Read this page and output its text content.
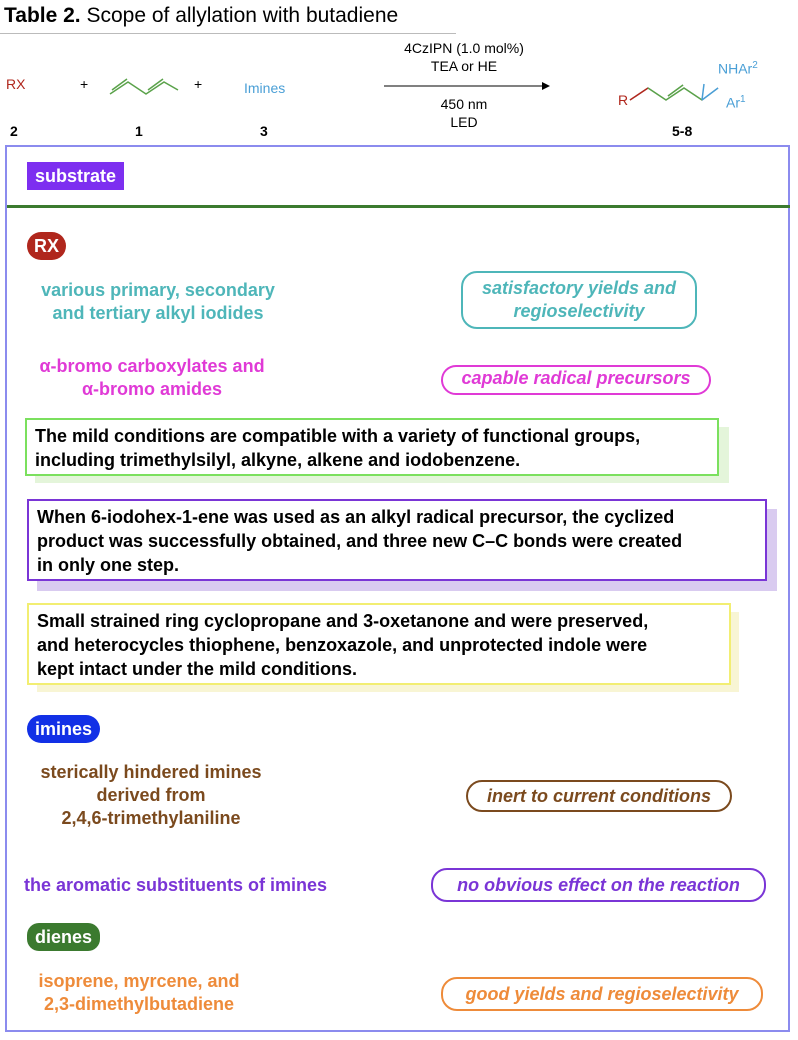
Table 2. Scope of allylation with butadiene
RX
2
+
1
+	Imines
3
4CzIPN (1.0 mol%)
TEA or HE
450 nm
LED
R
NHAr$^2$
Ar$^1$
5-8
substrate
RX
various primary, secondary
and tertiary alkyl iodides
satisfactory yields and
regioselectivity
α-bromo carboxylates and
α-bromo amides
capable radical precursors
The mild conditions are compatible with a variety of functional groups,
including trimethylsilyl, alkyne, alkene and iodobenzene.
When 6-iodohex-1-ene was used as an alkyl radical precursor, the cyclized
product was successfully obtained, and three new C–C bonds were created
in only one step.
Small strained ring cyclopropane and 3-oxetanone and were preserved,
and heterocycles thiophene, benzoxazole, and unprotected indole were
kept intact under the mild conditions.
imines
sterically hindered imines
derived from
2,4,6-trimethylaniline
inert to current conditions
the aromatic substituents of imines	no obvious effect on the reaction
dienes
isoprene, myrcene, and
2,3-dimethylbutadiene	good yields and regioselectivity
